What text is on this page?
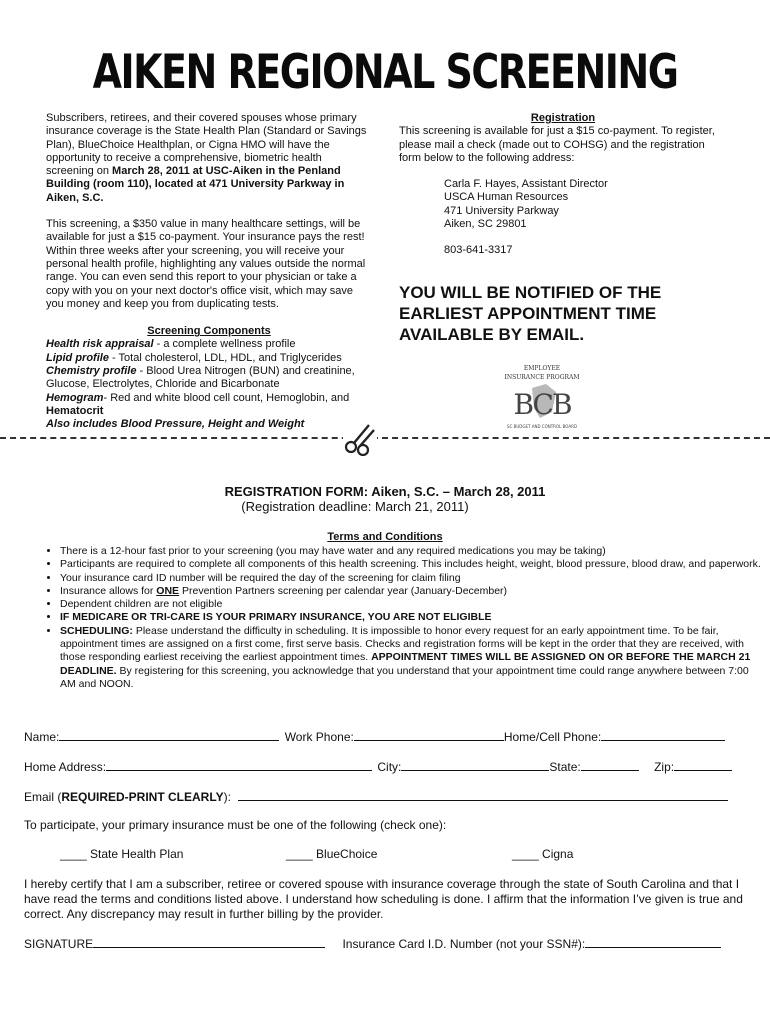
AIKEN REGIONAL SCREENING

Subscribers, retirees, and their covered spouses whose primary insurance coverage is the State Health Plan (Standard or Savings Plan), BlueChoice Healthplan, or Cigna HMO will have the opportunity to receive a comprehensive, biometric health screening on March 28, 2011 at USC-Aiken in the Penland Building (room 110), located at 471 University Parkway in Aiken, S.C.

This screening, a $350 value in many healthcare settings, will be available for just a $15 co-payment. Your insurance pays the rest! Within three weeks after your screening, you will receive your personal health profile, highlighting any values outside the normal range. You can even send this report to your physician or take a copy with you on your next doctor's office visit, which may save you money and keep you from duplicating tests.

Screening Components

Health risk appraisal - a complete wellness profile

Lipid profile - Total cholesterol, LDL, HDL, and Triglycerides

Chemistry profile - Blood Urea Nitrogen (BUN) and creatinine, Glucose, Electrolytes, Chloride and Bicarbonate

Hemogram- Red and white blood cell count, Hemoglobin, and Hematocrit

Also includes Blood Pressure, Height and Weight

Registration

This screening is available for just a $15 co-payment. To register, please mail a check (made out to COHSG) and the registration form below to the following address:

Carla F. Hayes, Assistant Director

USCA Human Resources

471 University Parkway

Aiken, SC 29801

803-641-3317

YOU WILL BE NOTIFIED OF THE EARLIEST APPOINTMENT TIME AVAILABLE BY EMAIL.
EMPLOYEE
INSURANCE PROGRAM
BCB
SC BUDGET AND CONTROL BOARD
REGISTRATION FORM: Aiken, S.C. – March 28, 2011
(Registration deadline: March 21, 2011)
Terms and Conditions
• There is a 12-hour fast prior to your screening (you may have water and any required medications you may be taking)
• Participants are required to complete all components of this health screening. This includes height, weight, blood pressure, blood draw, and paperwork.
• Your insurance card ID number will be required the day of the screening for claim filing
• Insurance allows for ONE Prevention Partners screening per calendar year (January-December)
• Dependent children are not eligible
• IF MEDICARE OR TRI-CARE IS YOUR PRIMARY INSURANCE, YOU ARE NOT ELIGIBLE
• SCHEDULING: Please understand the difficulty in scheduling. It is impossible to honor every request for an early appointment time. To be fair, appointment times are assigned on a first come, first serve basis. Checks and registration forms will be kept in the order that they are received, with those responding earliest receiving the earliest appointment times. APPOINTMENT TIMES WILL BE ASSIGNED ON OR BEFORE THE MARCH 21 DEADLINE. By registering for this screening, you acknowledge that you understand that your appointment time could range anywhere between 7:00 AM and NOON.
Name:	Work Phone:	Home/Cell Phone:
Home Address:	City:	State:	Zip:
Email (REQUIRED-PRINT CLEARLY):
To participate, your primary insurance must be one of the following (check one):
____ State Health Plan	____ BlueChoice	____ Cigna
I hereby certify that I am a subscriber, retiree or covered spouse with insurance coverage through the state of South Carolina and that I have read the terms and conditions listed above. I understand how scheduling is done. I affirm that the information I’ve given is true and correct. Any discrepancy may result in further billing by the provider.
SIGNATURE	Insurance Card I.D. Number (not your SSN#):
